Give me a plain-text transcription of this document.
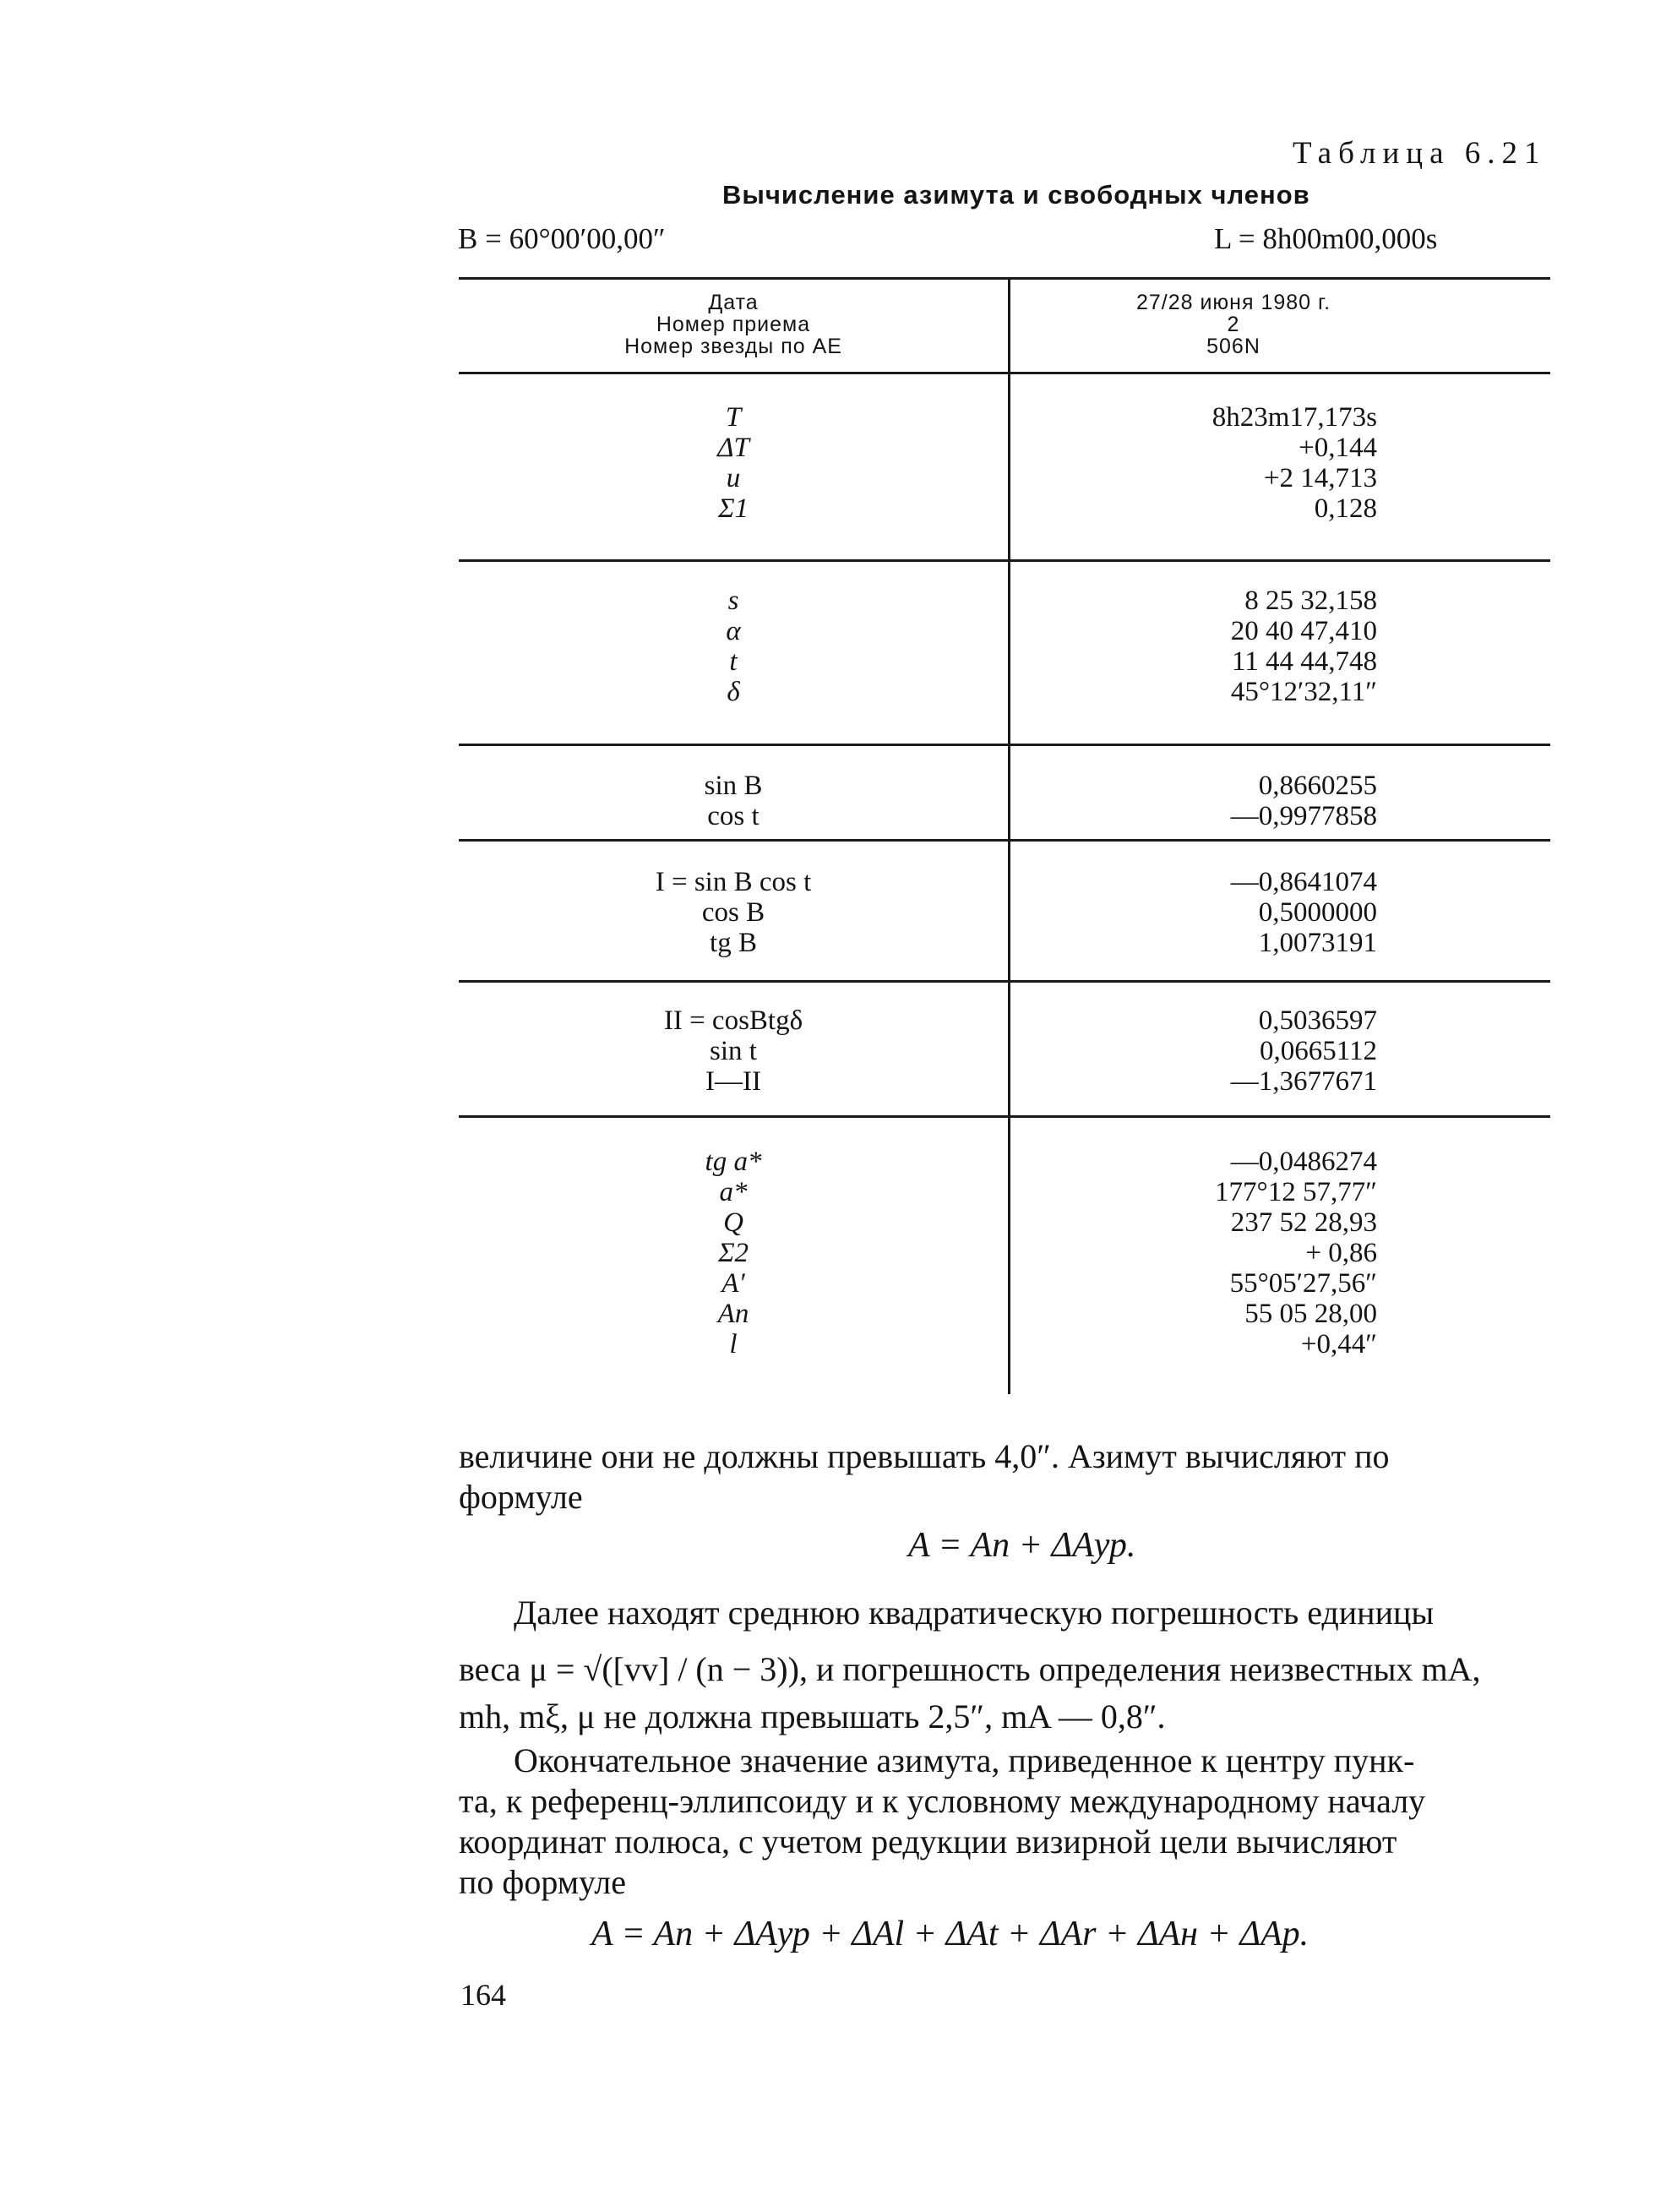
Таблица 6.21
Вычисление азимута и свободных членов
B = 60°00′00,00″	L = 8h00m00,000s
Дата
Номер приема
Номер звезды по АЕ
27/28 июня 1980 г.
2
506N
T
ΔT
u
Σ1
8h23m17,173s
+0,144
+2 14,713
0,128
s
α
t
δ
8 25 32,158
20 40 47,410
11 44 44,748
45°12′32,11″
sin B
cos t
0,8660255
—0,9977858
I = sin B cos t
cos B
tg B
—0,8641074
0,5000000
1,0073191
II = cosBtgδ
sin t
I—II
0,5036597
0,0665112
—1,3677671
tg a*
a*
Q
Σ2
A′
An
l
—0,0486274
177°12 57,77″
237 52 28,93
+ 0,86
55°05′27,56″
55 05 28,00
+0,44″
величине они не должны превышать 4,0″. Азимут вычисляют по
формуле
A = Aп + ΔAур.
Далее находят среднюю квадратическую погрешность единицы
веса μ = √([vv] / (n − 3)), и погрешность определения неизвестных mA,
mh, mξ, μ не должна превышать 2,5″, mA — 0,8″.
Окончательное значение азимута, приведенное к центру пунк-
та, к референц-эллипсоиду и к условному международному началу
координат полюса, с учетом редукции визирной цели вычисляют
по формуле
A = Aп + ΔAур + ΔAl + ΔAt + ΔAr + ΔAн + ΔAp.
164
